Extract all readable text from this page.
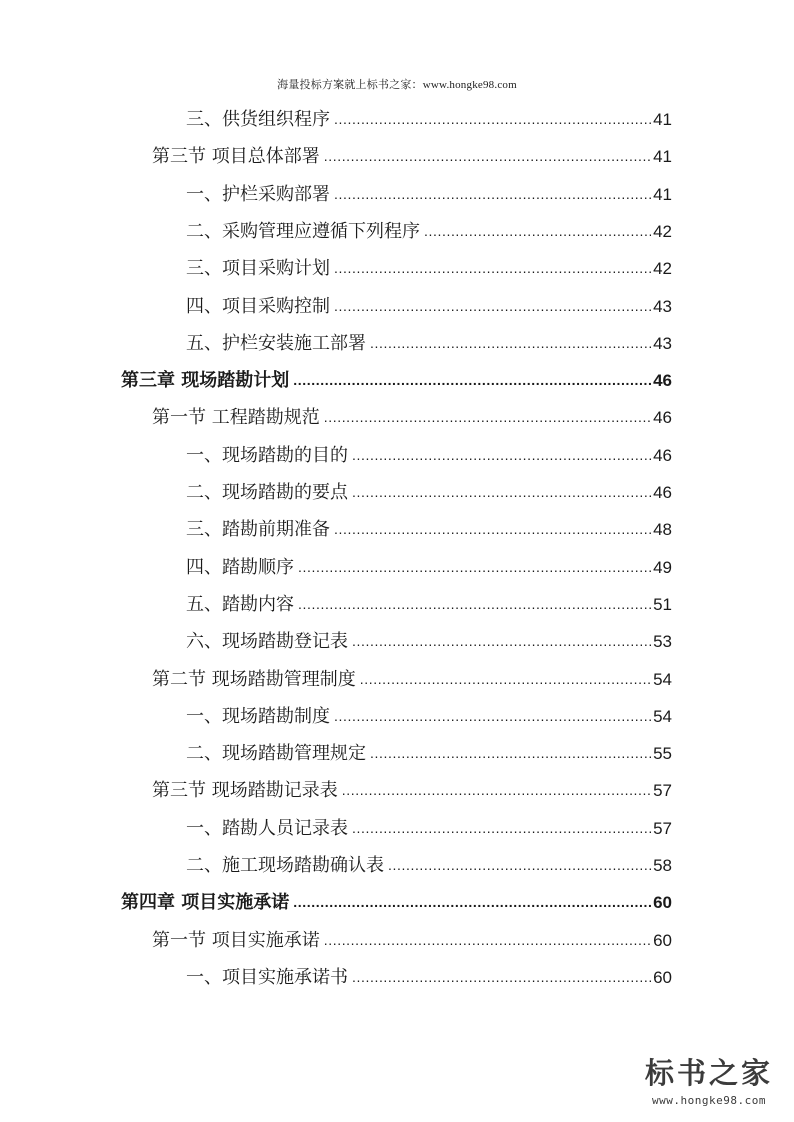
海量投标方案就上标书之家：www.hongke98.com
三、供货组织程序 .....	41
第三节 项目总体部署 .....	41
一、护栏采购部署 .....	41
二、采购管理应遵循下列程序 .....	42
三、项目采购计划 .....	42
四、项目采购控制 .....	43
五、护栏安装施工部署 .....	43
第三章 现场踏勘计划 .....	46
第一节 工程踏勘规范 .....	46
一、现场踏勘的目的 .....	46
二、现场踏勘的要点 .....	46
三、踏勘前期准备 .....	48
四、踏勘顺序 .....	49
五、踏勘内容 .....	51
六、现场踏勘登记表 .....	53
第二节 现场踏勘管理制度 .....	54
一、现场踏勘制度 .....	54
二、现场踏勘管理规定 .....	55
第三节 现场踏勘记录表 .....	57
一、踏勘人员记录表 .....	57
二、施工现场踏勘确认表 .....	58
第四章 项目实施承诺 .....	60
第一节 项目实施承诺 .....	60
一、项目实施承诺书 .....	60
标书之家
www.hongke98.com
